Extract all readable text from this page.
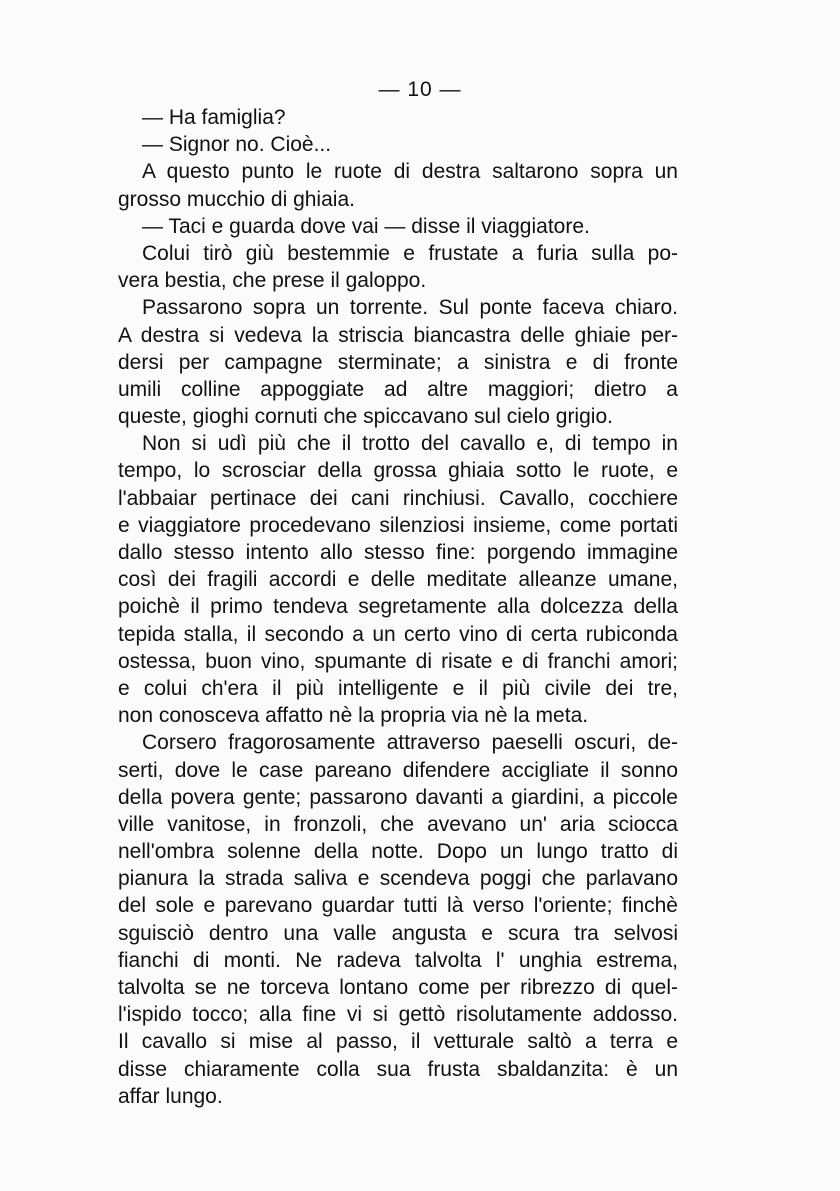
— 10 —
— Ha famiglia?
— Signor no. Cioè...
A questo punto le ruote di destra saltarono sopra un
grosso mucchio di ghiaia.
— Taci e guarda dove vai — disse il viaggiatore.
Colui tirò giù bestemmie e frustate a furia sulla po-
vera bestia, che prese il galoppo.
Passarono sopra un torrente. Sul ponte faceva chiaro.
A destra si vedeva la striscia biancastra delle ghiaie per-
dersi per campagne sterminate; a sinistra e di fronte
umili colline appoggiate ad altre maggiori; dietro a
queste, gioghi cornuti che spiccavano sul cielo grigio.
Non si udì più che il trotto del cavallo e, di tempo in
tempo, lo scrosciar della grossa ghiaia sotto le ruote, e
l'abbaiar pertinace dei cani rinchiusi. Cavallo, cocchiere
e viaggiatore procedevano silenziosi insieme, come portati
dallo stesso intento allo stesso fine: porgendo immagine
così dei fragili accordi e delle meditate alleanze umane,
poichè il primo tendeva segretamente alla dolcezza della
tepida stalla, il secondo a un certo vino di certa rubiconda
ostessa, buon vino, spumante di risate e di franchi amori;
e colui ch'era il più intelligente e il più civile dei tre,
non conosceva affatto nè la propria via nè la meta.
Corsero fragorosamente attraverso paeselli oscuri, de-
serti, dove le case pareano difendere accigliate il sonno
della povera gente; passarono davanti a giardini, a piccole
ville vanitose, in fronzoli, che avevano un' aria sciocca
nell'ombra solenne della notte. Dopo un lungo tratto di
pianura la strada saliva e scendeva poggi che parlavano
del sole e parevano guardar tutti là verso l'oriente; finchè
sguisciò dentro una valle angusta e scura tra selvosi
fianchi di monti. Ne radeva talvolta l' unghia estrema,
talvolta se ne torceva lontano come per ribrezzo di quel-
l'ispido tocco; alla fine vi si gettò risolutamente addosso.
Il cavallo si mise al passo, il vetturale saltò a terra e
disse chiaramente colla sua frusta sbaldanzita: è un
affar lungo.
